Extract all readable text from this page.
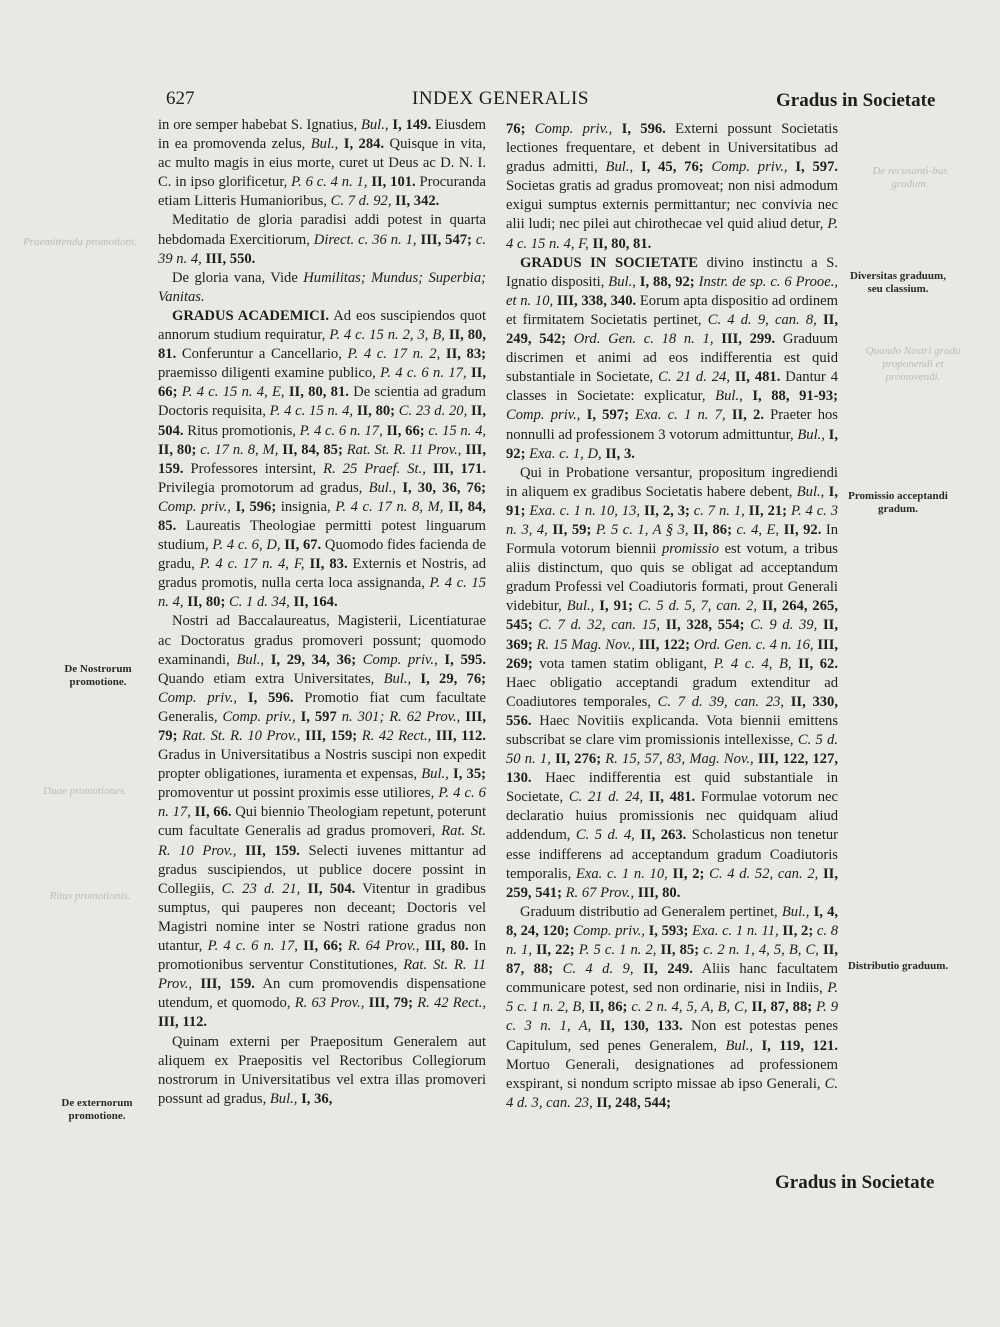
627	INDEX GENERALIS	Gradus in Societate
Praemittenda promotioni.
Duae promotiones.
Ritus promotionis.
De recusanti-bus gradum.
Quando Nostri gradu proponendi et promovendi.
De Nostrorum promotione.
De externorum promotione.
Diversitas graduum, seu classium.
Promissio acceptandi gradum.
Distributio graduum.

in ore semper habebat S. Ignatius, Bul., I, 149. Eiusdem in ea promovenda zelus, Bul., I, 284. Quisque in vita, ac multo magis in eius morte, curet ut Deus ac D. N. I. C. in ipso glorificetur, P. 6 c. 4 n. 1, II, 101. Procuranda etiam Litteris Humanioribus, C. 7 d. 92, II, 342.

Meditatio de gloria paradisi addi potest in quarta hebdomada Exercitiorum, Direct. c. 36 n. 1, III, 547; c. 39 n. 4, III, 550.

De gloria vana, Vide Humilitas; Mundus; Superbia; Vanitas.

GRADUS ACADEMICI. Ad eos suscipiendos quot annorum studium requiratur, P. 4 c. 15 n. 2, 3, B, II, 80, 81. Conferuntur a Cancellario, P. 4 c. 17 n. 2, II, 83; praemisso diligenti examine publico, P. 4 c. 6 n. 17, II, 66; P. 4 c. 15 n. 4, E, II, 80, 81. De scientia ad gradum Doctoris requisita, P. 4 c. 15 n. 4, II, 80; C. 23 d. 20, II, 504. Ritus promotionis, P. 4 c. 6 n. 17, II, 66; c. 15 n. 4, II, 80; c. 17 n. 8, M, II, 84, 85; Rat. St. R. 11 Prov., III, 159. Professores intersint, R. 25 Praef. St., III, 171. Privilegia promotorum ad gradus, Bul., I, 30, 36, 76; Comp. priv., I, 596; insignia, P. 4 c. 17 n. 8, M, II, 84, 85. Laureatis Theologiae permitti potest linguarum studium, P. 4 c. 6, D, II, 67. Quomodo fides facienda de gradu, P. 4 c. 17 n. 4, F, II, 83. Externis et Nostris, ad gradus promotis, nulla certa loca assignanda, P. 4 c. 15 n. 4, II, 80; C. 1 d. 34, II, 164.

Nostri ad Baccalaureatus, Magisterii, Licentiaturae ac Doctoratus gradus promoveri possunt; quomodo examinandi, Bul., I, 29, 34, 36; Comp. priv., I, 595. Quando etiam extra Universitates, Bul., I, 29, 76; Comp. priv., I, 596. Promotio fiat cum facultate Generalis, Comp. priv., I, 597 n. 301; R. 62 Prov., III, 79; Rat. St. R. 10 Prov., III, 159; R. 42 Rect., III, 112. Gradus in Universitatibus a Nostris suscipi non expedit propter obligationes, iuramenta et expensas, Bul., I, 35; promoventur ut possint proximis esse utiliores, P. 4 c. 6 n. 17, II, 66. Qui biennio Theologiam repetunt, poterunt cum facultate Generalis ad gradus promoveri, Rat. St. R. 10 Prov., III, 159. Selecti iuvenes mittantur ad gradus suscipiendos, ut publice docere possint in Collegiis, C. 23 d. 21, II, 504. Vitentur in gradibus sumptus, qui pauperes non deceant; Doctoris vel Magistri nomine inter se Nostri ratione gradus non utantur, P. 4 c. 6 n. 17, II, 66; R. 64 Prov., III, 80. In promotionibus serventur Constitutiones, Rat. St. R. 11 Prov., III, 159. An cum promovendis dispensatione utendum, et quomodo, R. 63 Prov., III, 79; R. 42 Rect., III, 112.

Quinam externi per Praepositum Generalem aut aliquem ex Praepositis vel Rectoribus Collegiorum nostrorum in Universitatibus vel extra illas promoveri possunt ad gradus, Bul., I, 36,

76; Comp. priv., I, 596. Externi possunt Societatis lectiones frequentare, et debent in Universitatibus ad gradus admitti, Bul., I, 45, 76; Comp. priv., I, 597. Societas gratis ad gradus promoveat; non nisi admodum exigui sumptus externis permittantur; nec convivia nec alii ludi; nec pilei aut chirothecae vel quid aliud detur, P. 4 c. 15 n. 4, F, II, 80, 81.

GRADUS IN SOCIETATE divino instinctu a S. Ignatio dispositi, Bul., I, 88, 92; Instr. de sp. c. 6 Prooe., et n. 10, III, 338, 340. Eorum apta dispositio ad ordinem et firmitatem Societatis pertinet, C. 4 d. 9, can. 8, II, 249, 542; Ord. Gen. c. 18 n. 1, III, 299. Graduum discrimen et animi ad eos indifferentia est quid substantiale in Societate, C. 21 d. 24, II, 481. Dantur 4 classes in Societate: explicatur, Bul., I, 88, 91-93; Comp. priv., I, 597; Exa. c. 1 n. 7, II, 2. Praeter hos nonnulli ad professionem 3 votorum admittuntur, Bul., I, 92; Exa. c. 1, D, II, 3.

Qui in Probatione versantur, propositum ingrediendi in aliquem ex gradibus Societatis habere debent, Bul., I, 91; Exa. c. 1 n. 10, 13, II, 2, 3; c. 7 n. 1, II, 21; P. 4 c. 3 n. 3, 4, II, 59; P. 5 c. 1, A § 3, II, 86; c. 4, E, II, 92. In Formula votorum biennii promissio est votum, a tribus aliis distinctum, quo quis se obligat ad acceptandum gradum Professi vel Coadiutoris formati, prout Generali videbitur, Bul., I, 91; C. 5 d. 5, 7, can. 2, II, 264, 265, 545; C. 7 d. 32, can. 15, II, 328, 554; C. 9 d. 39, II, 369; R. 15 Mag. Nov., III, 122; Ord. Gen. c. 4 n. 16, III, 269; vota tamen statim obligant, P. 4 c. 4, B, II, 62. Haec obligatio acceptandi gradum extenditur ad Coadiutores temporales, C. 7 d. 39, can. 23, II, 330, 556. Haec Novitiis explicanda. Vota biennii emittens subscribat se clare vim promissionis intellexisse, C. 5 d. 50 n. 1, II, 276; R. 15, 57, 83, Mag. Nov., III, 122, 127, 130. Haec indifferentia est quid substantiale in Societate, C. 21 d. 24, II, 481. Formulae votorum nec declaratio huius promissionis nec quidquam aliud addendum, C. 5 d. 4, II, 263. Scholasticus non tenetur esse indifferens ad acceptandum gradum Coadiutoris temporalis, Exa. c. 1 n. 10, II, 2; C. 4 d. 52, can. 2, II, 259, 541; R. 67 Prov., III, 80.

Graduum distributio ad Generalem pertinet, Bul., I, 4, 8, 24, 120; Comp. priv., I, 593; Exa. c. 1 n. 11, II, 2; c. 8 n. 1, II, 22; P. 5 c. 1 n. 2, II, 85; c. 2 n. 1, 4, 5, B, C, II, 87, 88; C. 4 d. 9, II, 249. Aliis hanc facultatem communicare potest, sed non ordinarie, nisi in Indiis, P. 5 c. 1 n. 2, B, II, 86; c. 2 n. 4, 5, A, B, C, II, 87, 88; P. 9 c. 3 n. 1, A, II, 130, 133. Non est potestas penes Capitulum, sed penes Generalem, Bul., I, 119, 121. Mortuo Generali, designationes ad professionem exspirant, si nondum scripto missae ab ipso Generali, C. 4 d. 3, can. 23, II, 248, 544;

Gradus in Societate
